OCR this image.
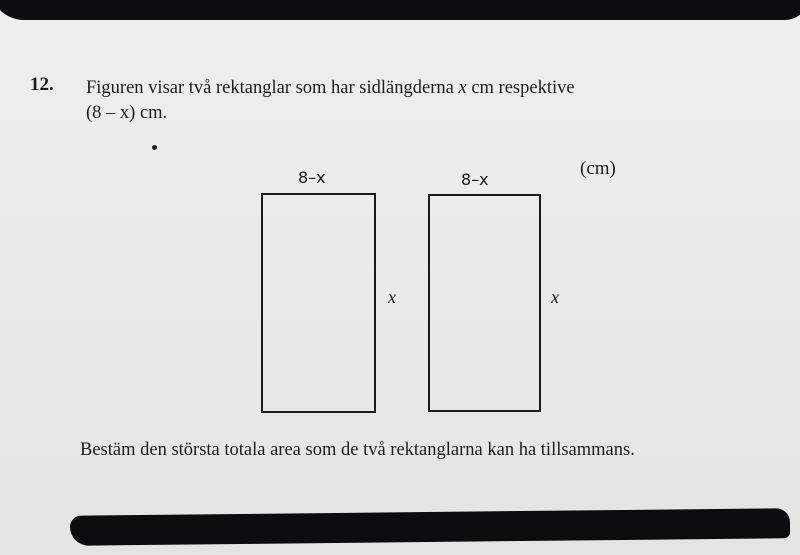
12. Figuren visar två rektanglar som har sidlängderna x cm respektive
(8 – x) cm.
8–x
x
8–x
x
(cm)
Bestäm den största totala area som de två rektanglarna kan ha tillsammans.
